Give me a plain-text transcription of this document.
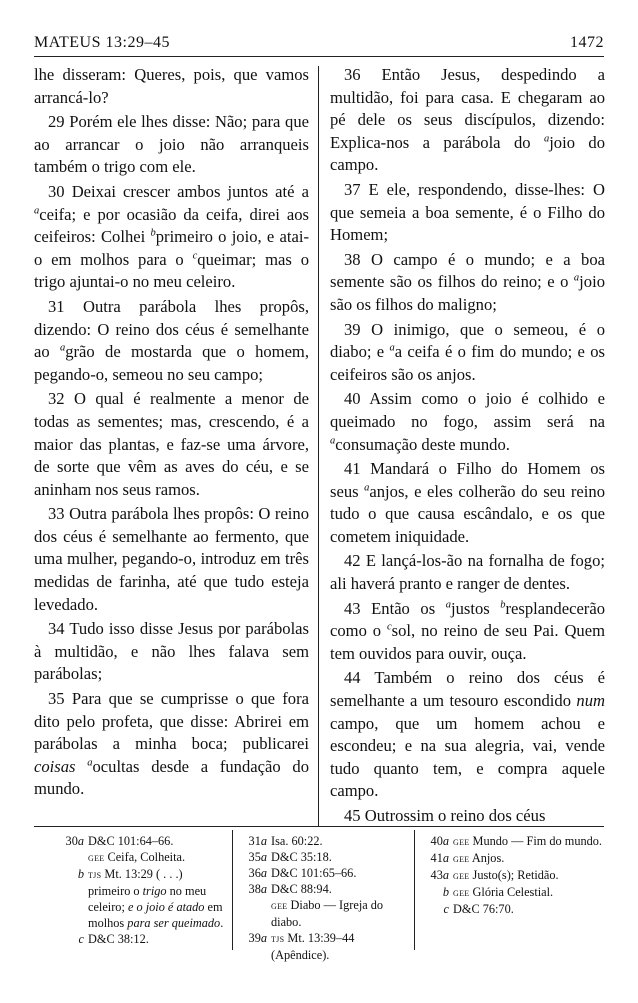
MATEUS 13:29–45	1472

lhe disseram: Queres, pois, que vamos arrancá-lo?

29 Porém ele lhes disse: Não; para que ao arrancar o joio não arranqueis também o trigo com ele.

30 Deixai crescer ambos juntos até a $^a$ceifa; e por ocasião da ceifa, direi aos ceifeiros: Colhei $^b$primeiro o joio, e atai-o em molhos para o $^c$queimar; mas o trigo ajuntai-o no meu celeiro.

31 Outra parábola lhes propôs, dizendo: O reino dos céus é semelhante ao $^a$grão de mostarda que o homem, pegando-o, semeou no seu campo;

32 O qual é realmente a menor de todas as sementes; mas, crescendo, é a maior das plantas, e faz-se uma árvore, de sorte que vêm as aves do céu, e se aninham nos seus ramos.

33 Outra parábola lhes propôs: O reino dos céus é semelhante ao fermento, que uma mulher, pegando-o, introduz em três medidas de farinha, até que tudo esteja levedado.

34 Tudo isso disse Jesus por parábolas à multidão, e não lhes falava sem parábolas;

35 Para que se cumprisse o que fora dito pelo profeta, que disse: Abrirei em parábolas a minha boca; publicarei coisas $^a$ocultas desde a fundação do mundo.

36 Então Jesus, despedindo a multidão, foi para casa. E chegaram ao pé dele os seus discípulos, dizendo: Explica-nos a parábola do $^a$joio do campo.

37 E ele, respondendo, disse-lhes: O que semeia a boa semente, é o Filho do Homem;

38 O campo é o mundo; e a boa semente são os filhos do reino; e o $^a$joio são os filhos do maligno;

39 O inimigo, que o semeou, é o diabo; e $^a$a ceifa é o fim do mundo; e os ceifeiros são os anjos.

40 Assim como o joio é colhido e queimado no fogo, assim será na $^a$consumação deste mundo.

41 Mandará o Filho do Homem os seus $^a$anjos, e eles colherão do seu reino tudo o que causa escândalo, e os que cometem iniquidade.

42 E lançá-los-ão na fornalha de fogo; ali haverá pranto e ranger de dentes.

43 Então os $^a$justos $^b$resplandecerão como o $^c$sol, no reino de seu Pai. Quem tem ouvidos para ouvir, ouça.

44 Também o reino dos céus é semelhante a um tesouro escondido num campo, que um homem achou e escondeu; e na sua alegria, vai, vende tudo quanto tem, e compra aquele campo.

45 Outrossim o reino dos céus

30a D&C 101:64–66.
gee Ceifa, Colheita.
b tjs Mt. 13:29 ( . . .)
primeiro o trigo no meu celeiro; e o joio é atado em molhos para ser queimado.
c D&C 38:12.
31a Isa. 60:22.
35a D&C 35:18.
36a D&C 101:65–66.
38a D&C 88:94.
gee Diabo — Igreja do diabo.
39a tjs Mt. 13:39–44 (Apêndice).
40a gee Mundo — Fim do mundo.
41a gee Anjos.
43a gee Justo(s); Retidão.
b gee Glória Celestial.
c D&C 76:70.
